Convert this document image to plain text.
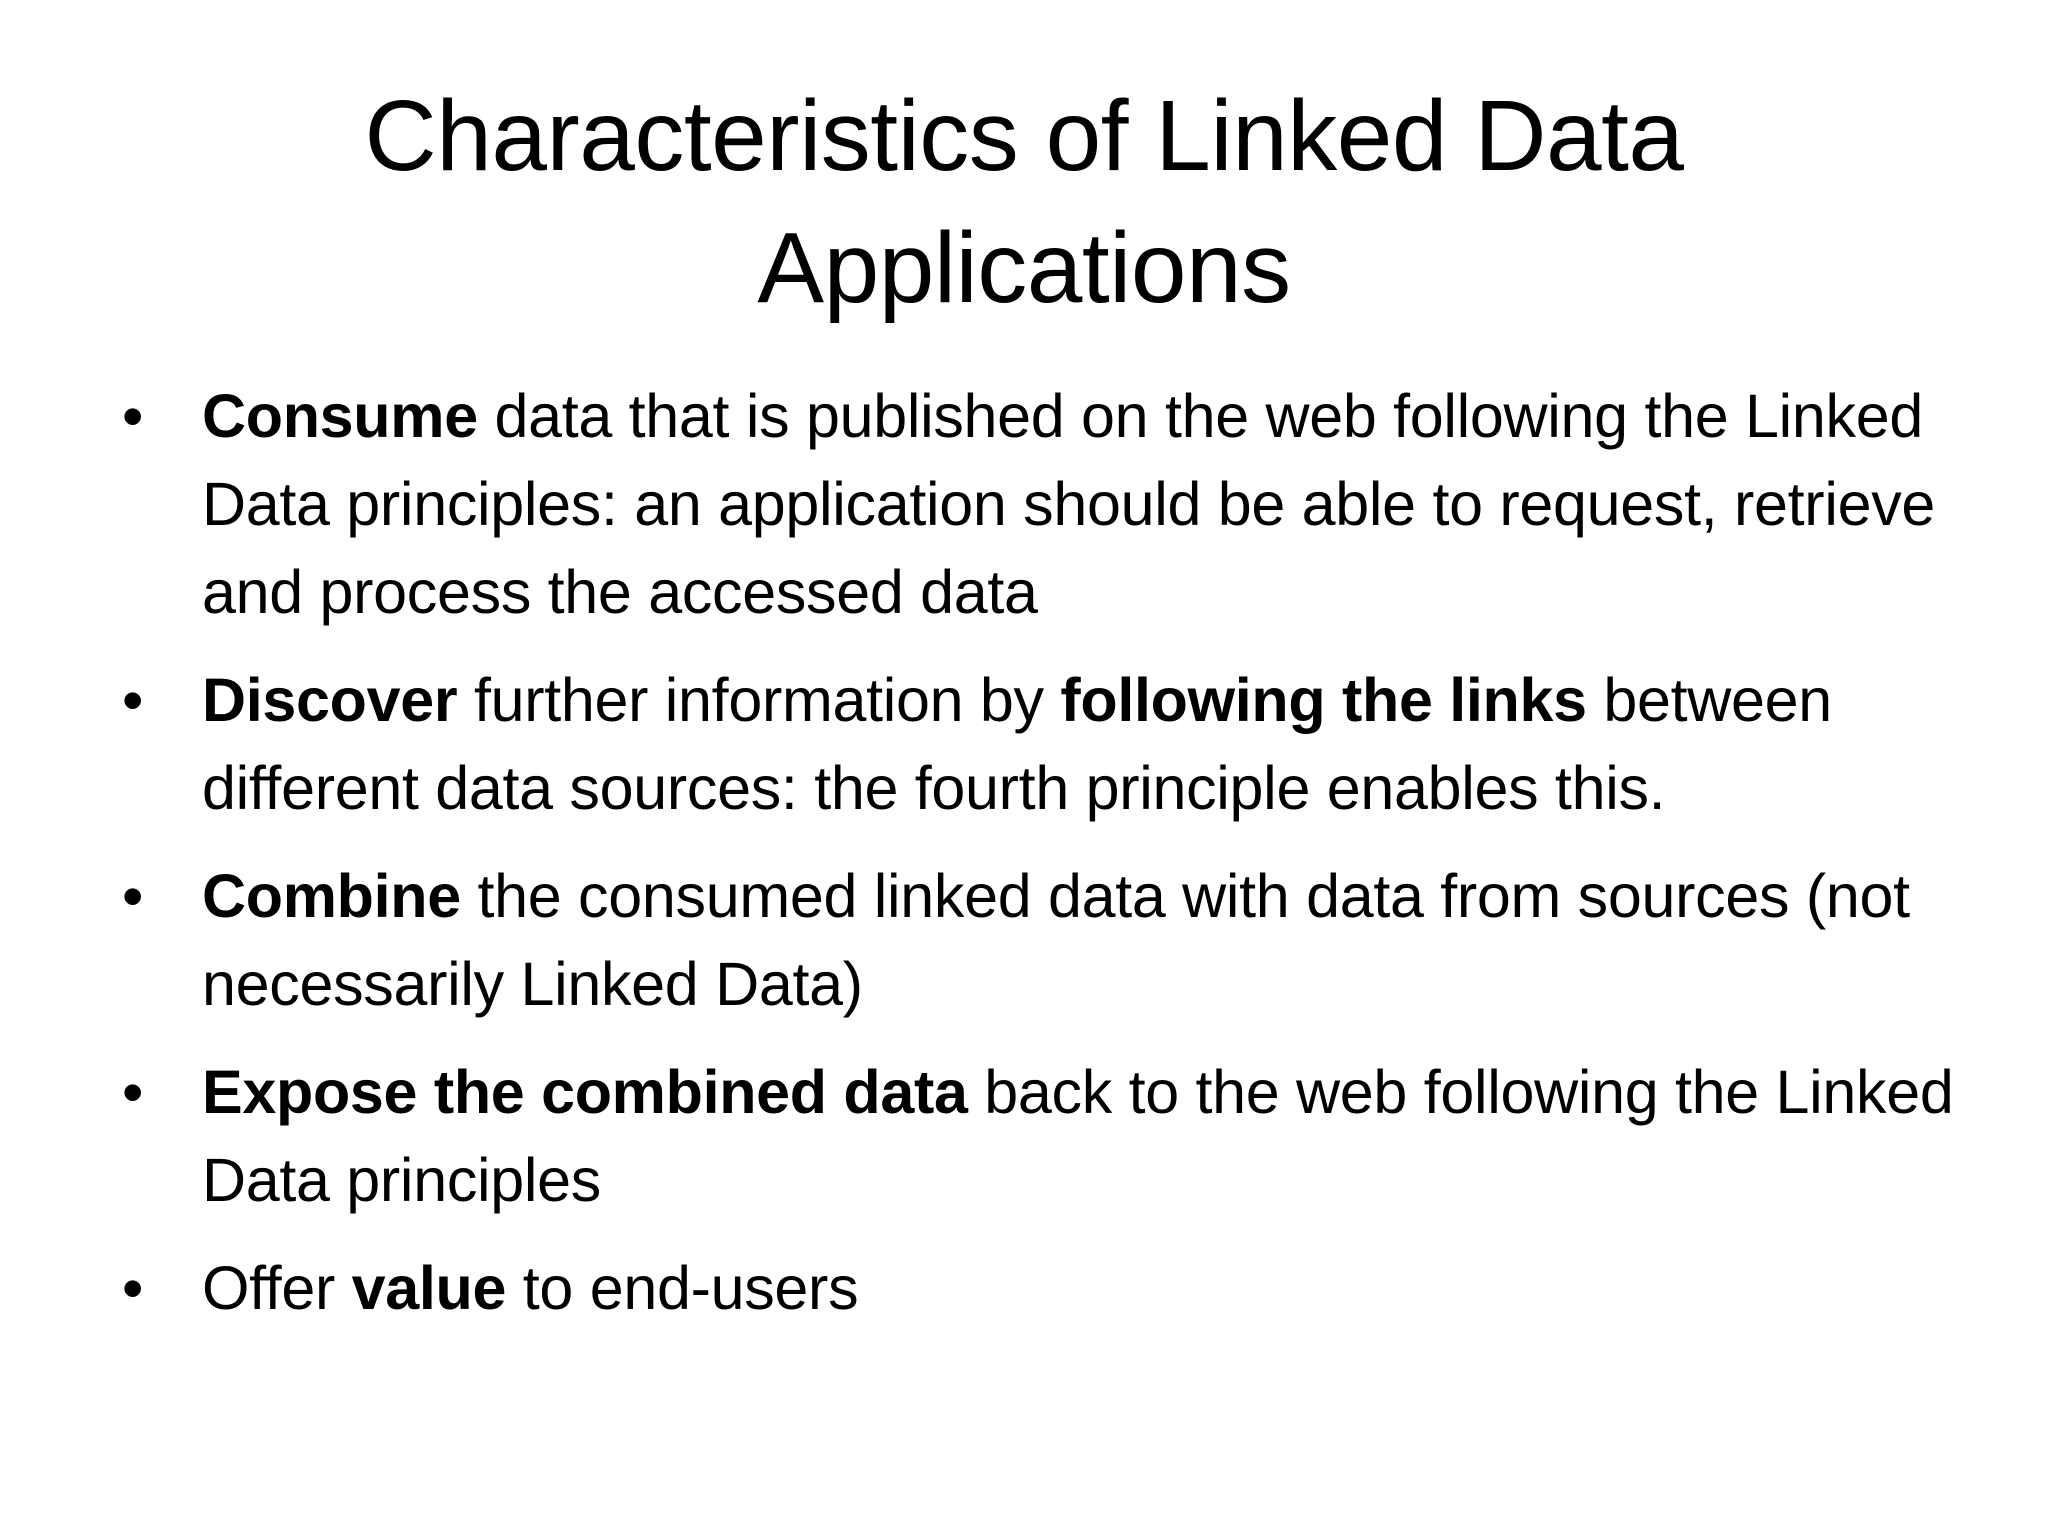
Characteristics of Linked Data
Applications
• Consume data that is published on the web following the Linked Data principles: an application should be able to request, retrieve and process the accessed data
• Discover further information by following the links between different data sources: the fourth principle enables this.
• Combine the consumed linked data with data from sources (not necessarily Linked Data)
• Expose the combined data back to the web following the Linked Data principles
• Offer value to end-users
